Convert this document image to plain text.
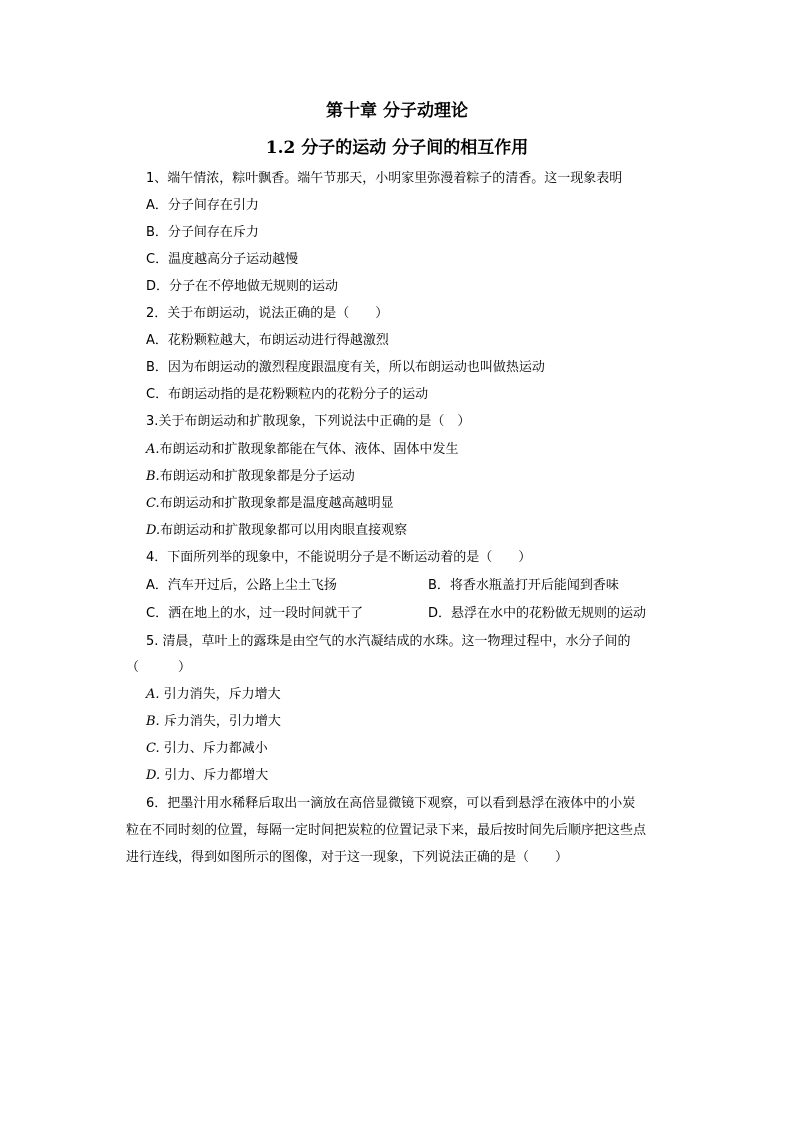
第十章 分子动理论
1.2 分子的运动 分子间的相互作用
1、端午情浓，粽叶飘香。端午节那天，小明家里弥漫着粽子的清香。这一现象表明
A．分子间存在引力
B．分子间存在斥力
C．温度越高分子运动越慢
D．分子在不停地做无规则的运动
2．关于布朗运动，说法正确的是（　　）
A．花粉颗粒越大，布朗运动进行得越激烈
B．因为布朗运动的激烈程度跟温度有关，所以布朗运动也叫做热运动
C．布朗运动指的是花粉颗粒内的花粉分子的运动
3.关于布朗运动和扩散现象，下列说法中正确的是（　）
A.布朗运动和扩散现象都能在气体、液体、固体中发生
B.布朗运动和扩散现象都是分子运动
C.布朗运动和扩散现象都是温度越高越明显
D.布朗运动和扩散现象都可以用肉眼直接观察
4．下面所列举的现象中，不能说明分子是不断运动着的是（　　）
A．汽车开过后，公路上尘土飞扬	B．将香水瓶盖打开后能闻到香味
C．洒在地上的水，过一段时间就干了	D．悬浮在水中的花粉做无规则的运动
5. 清晨，草叶上的露珠是由空气的水汽凝结成的水珠。这一物理过程中，水分子间的
（　　　）
A. 引力消失，斥力增大
B. 斥力消失，引力增大
C. 引力、斥力都减小
D. 引力、斥力都增大
6．把墨汁用水稀释后取出一滴放在高倍显微镜下观察，可以看到悬浮在液体中的小炭
粒在不同时刻的位置，每隔一定时间把炭粒的位置记录下来，最后按时间先后顺序把这些点
进行连线，得到如图所示的图像，对于这一现象，下列说法正确的是（　　）
